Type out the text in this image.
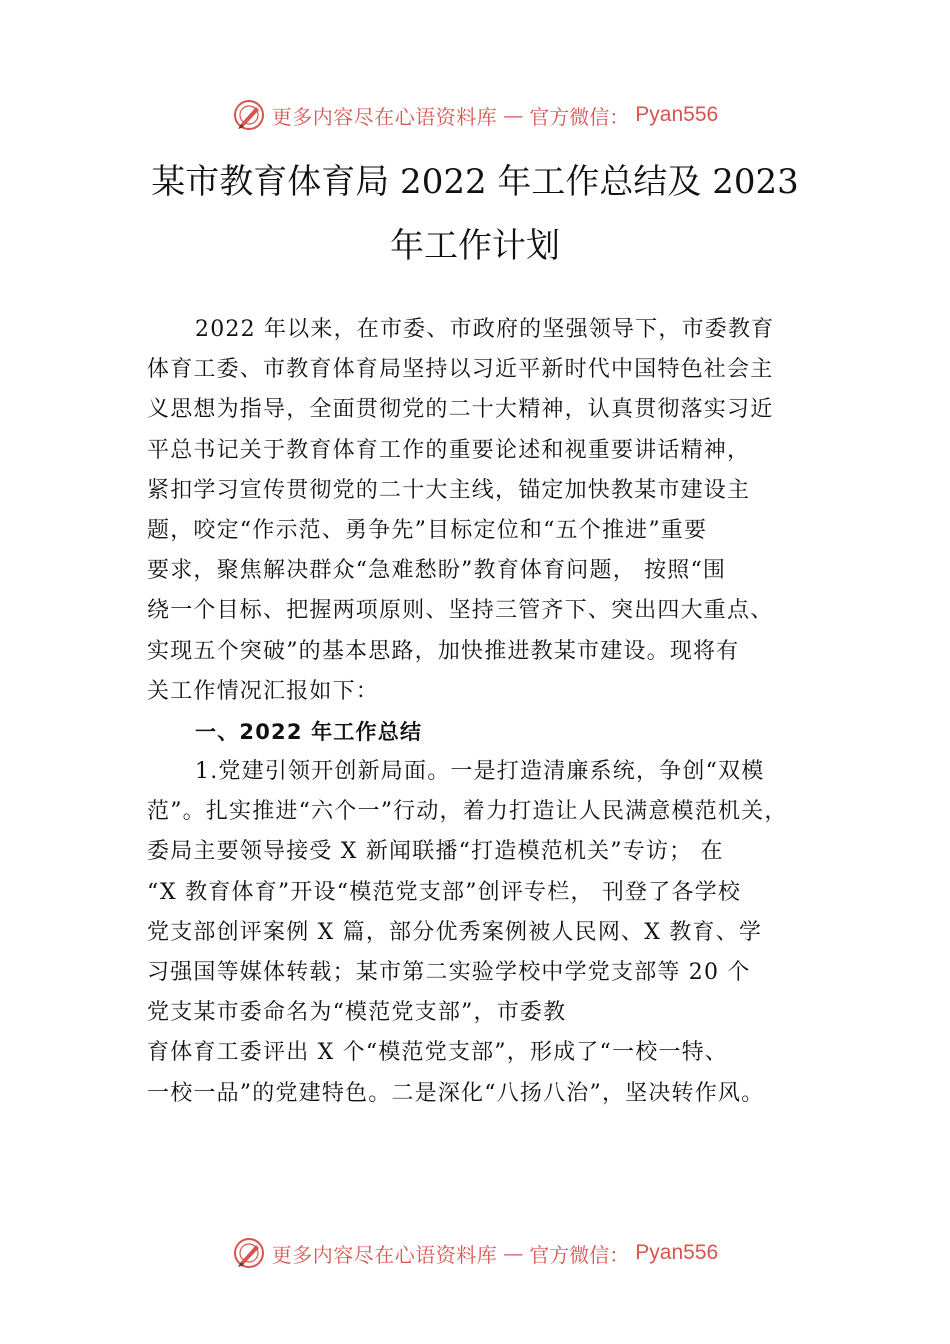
更多内容尽在心语资料库 — 官方微信： Pyan556
某市教育体育局 2022 年工作总结及 2023
年工作计划
2022 年以来，在市委、市政府的坚强领导下，市委教育
体育工委、市教育体育局坚持以习近平新时代中国特色社会主
义思想为指导，全面贯彻党的二十大精神，认真贯彻落实习近
平总书记关于教育体育工作的重要论述和视重要讲话精神，
紧扣学习宣传贯彻党的二十大主线，锚定加快教某市建设主
题，咬定“作示范、勇争先”目标定位和“五个推进”重要
要求，聚焦解决群众“急难愁盼”教育体育问题， 按照“围
绕一个目标、把握两项原则、坚持三管齐下、突出四大重点、
实现五个突破”的基本思路，加快推进教某市建设。现将有
关工作情况汇报如下：
一、2022 年工作总结
1.党建引领开创新局面。一是打造清廉系统，争创“双模
范”。扎实推进“六个一”行动，着力打造让人民满意模范机关，
委局主要领导接受 X 新闻联播“打造模范机关”专访； 在
“X 教育体育”开设“模范党支部”创评专栏， 刊登了各学校
党支部创评案例 X 篇，部分优秀案例被人民网、X 教育、学
习强国等媒体转载；某市第二实验学校中学党支部等 20 个
党支某市委命名为“模范党支部”，市委教
育体育工委评出 X 个“模范党支部”，形成了“一校一特、
一校一品”的党建特色。二是深化“八扬八治”，坚决转作风。
更多内容尽在心语资料库 — 官方微信： Pyan556
